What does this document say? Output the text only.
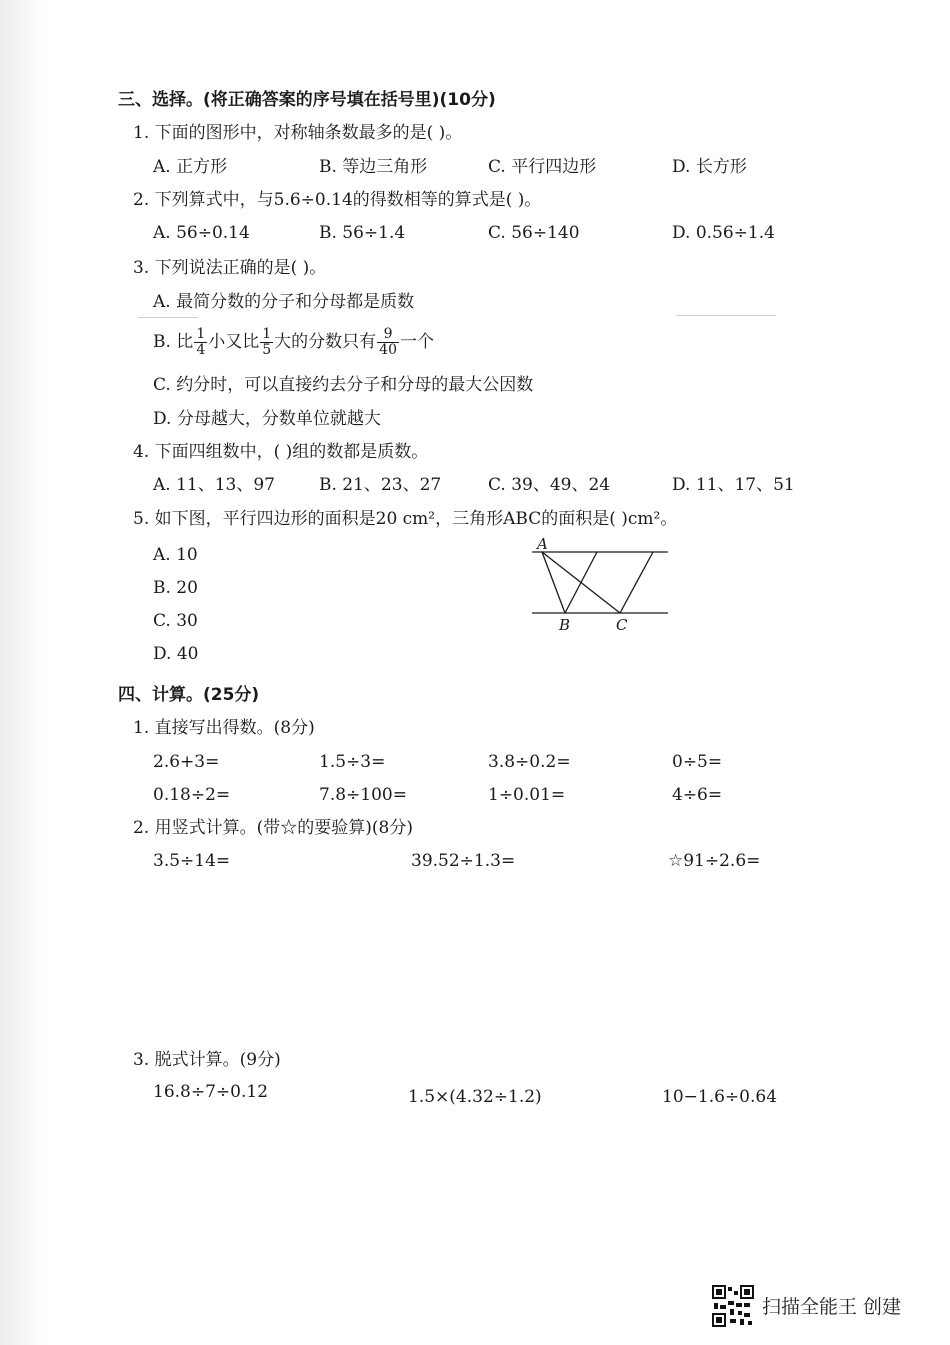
三、选择。(将正确答案的序号填在括号里)(10分)
1. 下面的图形中，对称轴条数最多的是( )。
A. 正方形	B. 等边三角形	C. 平行四边形	D. 长方形
2. 下列算式中，与5.6÷0.14的得数相等的算式是( )。
A. 56÷0.14	B. 56÷1.4	C. 56÷140	D. 0.56÷1.4
3. 下列说法正确的是( )。
A. 最简分数的分子和分母都是质数
B. 比 $\frac{1}{4}$ 小又比 $\frac{1}{5}$ 大的分数只有 $\frac{9}{40}$ 一个
C. 约分时，可以直接约去分子和分母的最大公因数
D. 分母越大，分数单位就越大
4. 下面四组数中，( )组的数都是质数。
A. 11、13、97	B. 21、23、27	C. 39、49、24	D. 11、17、51
5. 如下图，平行四边形的面积是20 cm²，三角形ABC的面积是( )cm²。
A. 10
B. 20
C. 30
D. 40
A
B	C
四、计算。(25分)
1. 直接写出得数。(8分)
2.6+3=	1.5÷3=	3.8÷0.2=	0÷5=
0.18÷2=	7.8÷100=	1÷0.01=	4÷6=
2. 用竖式计算。(带☆的要验算)(8分)
3.5÷14=	39.52÷1.3=	☆91÷2.6=
3. 脱式计算。(9分)
16.8÷7÷0.12	1.5×(4.32÷1.2)	10−1.6÷0.64
扫描全能王 创建
